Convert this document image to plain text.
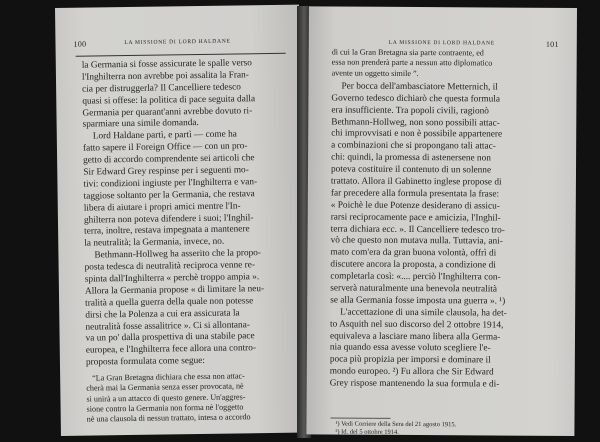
100	LA MISSIONE DI LORD HALDANE
la Germania si fosse assicurate le spalle verso
l'Inghilterra non avrebbe poi assalita la Fran-
cia per distruggerla? Il Cancelliere tedesco
quasi si offese: la politica di pace seguita dalla
Germania per quarant'anni avrebbe dovuto ri-
sparmiare una simile domanda.
Lord Haldane partì, e partì — come ha
fatto sapere il Foreign Office — con un pro-
getto di accordo comprendente sei articoli che
Sir Edward Grey respinse per i seguenti mo-
tivi: condizioni ingiuste per l'Inghilterra e van-
taggiose soltanto per la Germania, che restava
libera di aiutare i propri amici mentre l'In-
ghilterra non poteva difendere i suoi; l'Inghil-
terra, inoltre, restava impegnata a mantenere
la neutralità; la Germania, invece, no.
Bethmann-Hollweg ha asserito che la propo-
posta tedesca di neutralità reciproca venne re-
spinta dall'Inghilterra « perchè troppo ampia ».
Allora la Germania propose « di limitare la neu-
tralità a quella guerra della quale non potesse
dirsi che la Polenza a cui era assicurata la
neutralità fosse assalitrice ». Ci si allontana-
va un po' dalla prospettiva di una stabile pace
europea, e l'Inghilterra fece allora una contro-
proposta formulata come segue:
“La Gran Bretagna dichiara che essa non attac-
cherà mai la Germania senza esser provocata, nè
si unirà a un attacco di questo genere. Un'aggres-
sione contro la Germania non forma nè l'oggetto
nè una clausola di nessun trattato, intesa o accordo
LA MISSIONE DI LORD HALDANE	101
di cui la Gran Bretagna sia parte contraente, ed
essa non prenderà parte a nessun atto diplomatico
avente un oggetto simile ”.
Per bocca dell'ambasciatore Metternich, il
Governo tedesco dichiarò che questa formula
era insufficiente. Tra popoli civili, ragionò
Bethmann-Hollweg, non sono possibili attac-
chi improvvisati e non è possibile appartenere
a combinazioni che si propongano tali attac-
chi: quindi, la promessa di astenersene non
poteva costituire il contenuto di un solenne
trattato. Allora il Gabinetto inglese propose di
far precedere alla formula presentata la frase:
« Poichè le due Potenze desiderano di assicu-
rarsi reciprocamente pace e amicizia, l'Inghil-
terra dichiara ecc. ». Il Cancelliere tedesco tro-
vò che questo non mutava nulla. Tuttavia, ani-
mato com'era da gran buona volontà, offrì di
discutere ancora la proposta, a condizione di
completarla così: «.... perciò l'Inghilterra con-
serverà naturalmente una benevola neutralità
se alla Germania fosse imposta una guerra ». ¹)
L'accettazione di una simile clausola, ha det-
to Asquith nel suo discorso del 2 ottobre 1914,
equivaleva a lasciare mano libera alla Germa-
nia quando essa avesse voluto scegliere l'e-
poca più propizia per imporsi e dominare il
mondo europeo. ²) Fu allora che Sir Edward
Grey rispose mantenendo la sua formula e di-
¹) Vedi Corriere della Sera del 21 agosto 1915.
²) Id. del 5 ottobre 1914.
